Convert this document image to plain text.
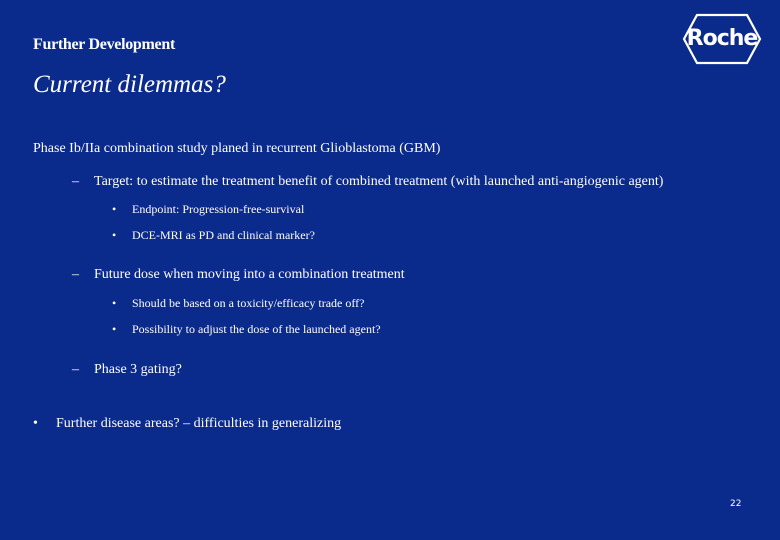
Further Development
Current dilemmas?
Roche
Phase Ib/IIa combination study planed in recurrent Glioblastoma (GBM)
– Target: to estimate the treatment benefit of combined treatment (with launched anti-angiogenic agent)
• Endpoint: Progression-free-survival
• DCE-MRI as PD and clinical marker?
– Future dose when moving into a combination treatment
• Should be based on a toxicity/efficacy trade off?
• Possibility to adjust the dose of the launched agent?
– Phase 3 gating?
• Further disease areas? – difficulties in generalizing
22
